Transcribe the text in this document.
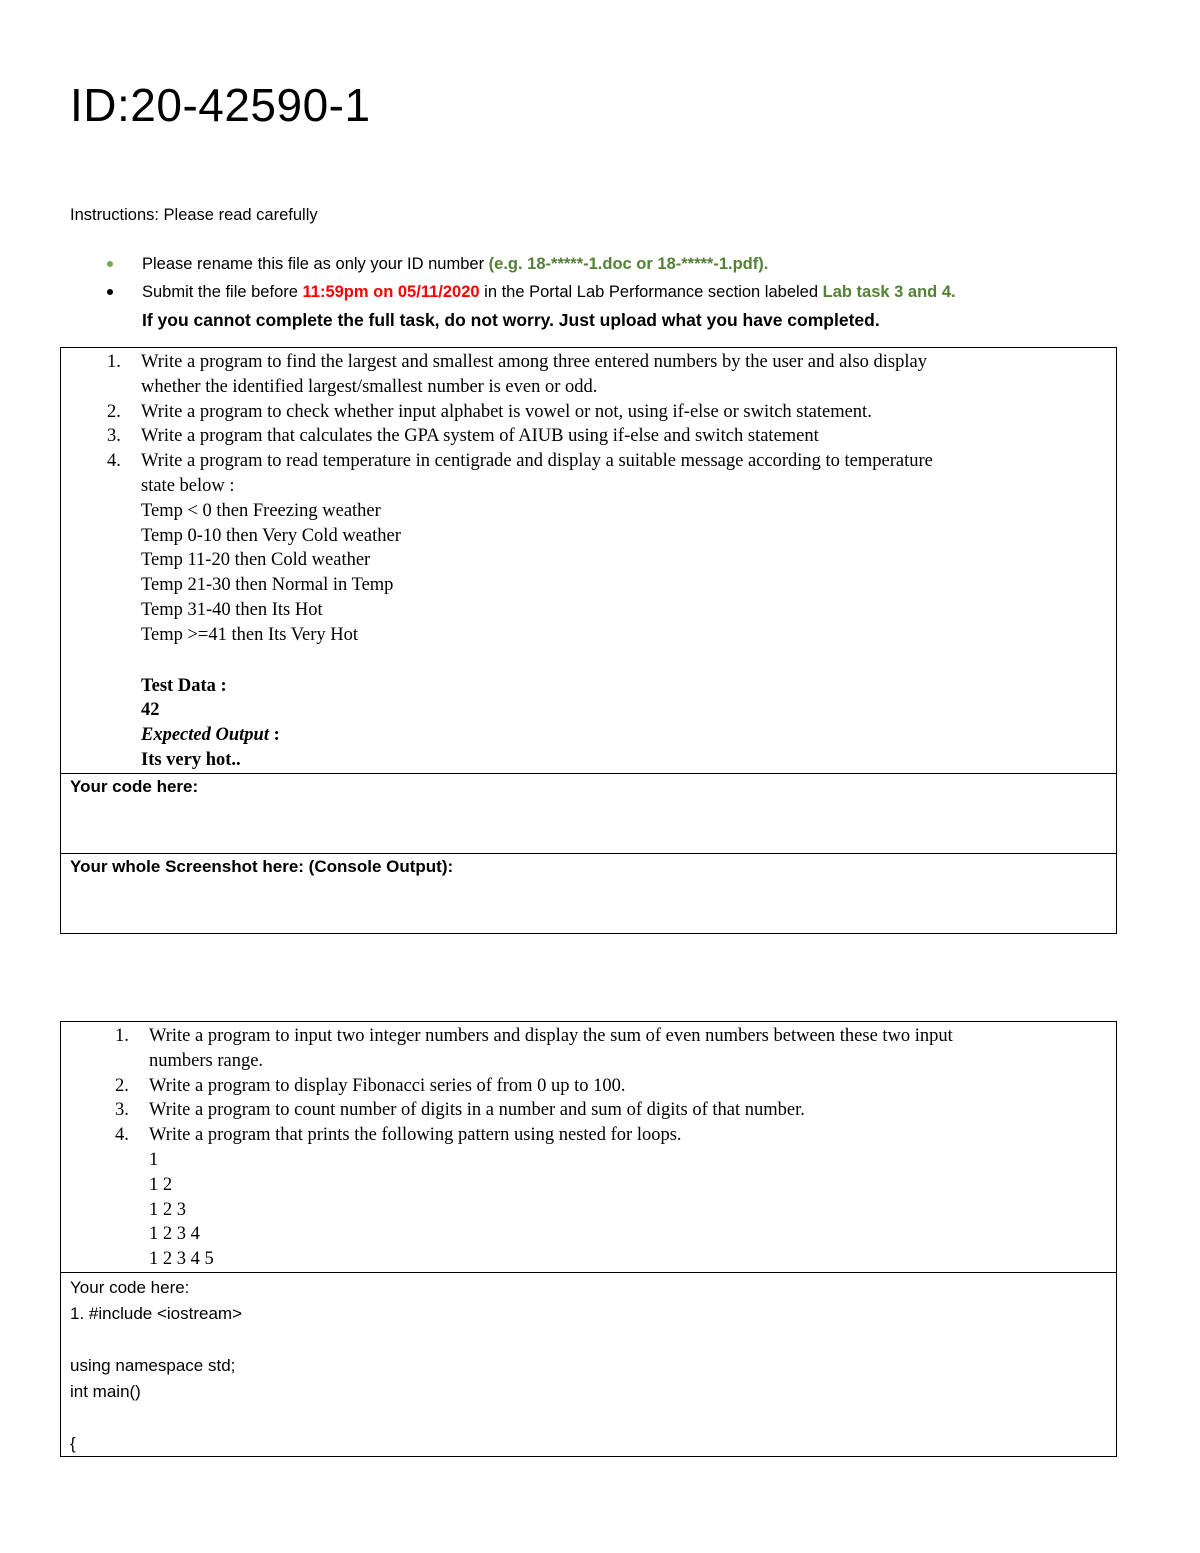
ID:20-42590-1
Instructions: Please read carefully
Please rename this file as only your ID number (e.g. 18-*****-1.doc or 18-*****-1.pdf).
Submit the file before 11:59pm on 05/11/2020 in the Portal Lab Performance section labeled Lab task 3 and 4.
If you cannot complete the full task, do not worry. Just upload what you have completed.
1. Write a program to find the largest and smallest among three entered numbers by the user and also display
whether the identified largest/smallest number is even or odd.
2. Write a program to check whether input alphabet is vowel or not, using if-else or switch statement.
3. Write a program that calculates the GPA system of AIUB using if-else and switch statement
4. Write a program to read temperature in centigrade and display a suitable message according to temperature
state below :
Temp < 0 then Freezing weather
Temp 0-10 then Very Cold weather
Temp 11-20 then Cold weather
Temp 21-30 then Normal in Temp
Temp 31-40 then Its Hot
Temp >=41 then Its Very Hot
Test Data :
42
Expected Output :
Its very hot..
Your code here:
Your whole Screenshot here: (Console Output):
1. Write a program to input two integer numbers and display the sum of even numbers between these two input
numbers range.
2. Write a program to display Fibonacci series of from 0 up to 100.
3. Write a program to count number of digits in a number and sum of digits of that number.
4. Write a program that prints the following pattern using nested for loops.
1
1 2
1 2 3
1 2 3 4
1 2 3 4 5
Your code here:
1. #include <iostream>
using namespace std;
int main()
{
